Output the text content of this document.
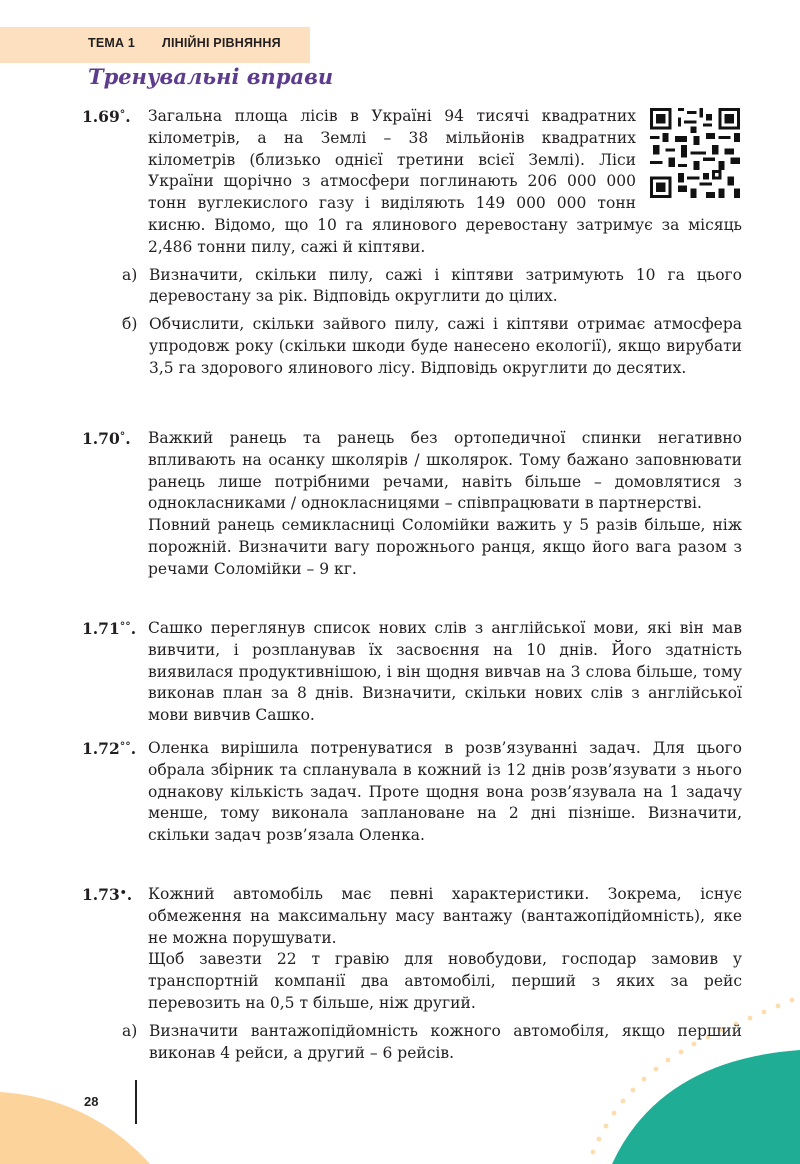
ТЕМА 1 ЛІНІЙНІ РІВНЯННЯ
Тренувальні вправи
1.69°. Загальна площа лісів в Україні 94 тисячі квадратних кілометрів, а на Землі – 38 мільйонів квадратних кілометрів (близько однієї третини всієї Землі). Ліси України щорічно з атмосфери поглинають 206 000 000 тонн вуглекислого газу і виділяють 149 000 000 тонн кисню. Відомо, що 10 га ялинового деревостану затримує за місяць 2,486 тонни пилу, сажі й кіптяви.

а) Визначити, скільки пилу, сажі і кіптяви затримують 10 га цього деревостану за рік. Відповідь округлити до цілих.
б) Обчислити, скільки зайвого пилу, сажі і кіптяви отримає атмосфера упродовж року (скільки шкоди буде нанесено екології), якщо вирубати 3,5 га здорового ялинового лісу. Відповідь округлити до десятих.
1.70°. Важкий ранець та ранець без ортопедичної спинки негативно впливають на осанку школярів / школярок. Тому бажано заповнювати ранець лише потрібними речами, навіть більше – домовлятися з однокласниками / однокласницями – співпрацювати в партнерстві.

Повний ранець семикласниці Соломійки важить у 5 разів більше, ніж порожній. Визначити вагу порожнього ранця, якщо його вага разом з речами Соломійки – 9 кг.

1.71°°. Сашко переглянув список нових слів з англійської мови, які він мав вивчити, і розпланував їх засвоєння на 10 днів. Його здатність виявилася продуктивнішою, і він щодня вивчав на 3 слова більше, тому виконав план за 8 днів. Визначити, скільки нових слів з англійської мови вивчив Сашко.

1.72°°. Оленка вирішила потренуватися в розв’язуванні задач. Для цього обрала збірник та спланувала в кожний із 12 днів розв’язувати з нього однакову кількість задач. Проте щодня вона розв’язувала на 1 задачу менше, тому виконала заплановане на 2 дні пізніше. Визначити, скільки задач розв’язала Оленка.

1.73•. Кожний автомобіль має певні характеристики. Зокрема, існує обмеження на максимальну масу вантажу (вантажопідйомність), яке не можна порушувати.

Щоб завезти 22 т гравію для новобудови, господар замовив у транспортній компанії два автомобілі, перший з яких за рейс перевозить на 0,5 т більше, ніж другий.

а) Визначити вантажопідйомність кожного автомобіля, якщо перший виконав 4 рейси, а другий – 6 рейсів.
28
